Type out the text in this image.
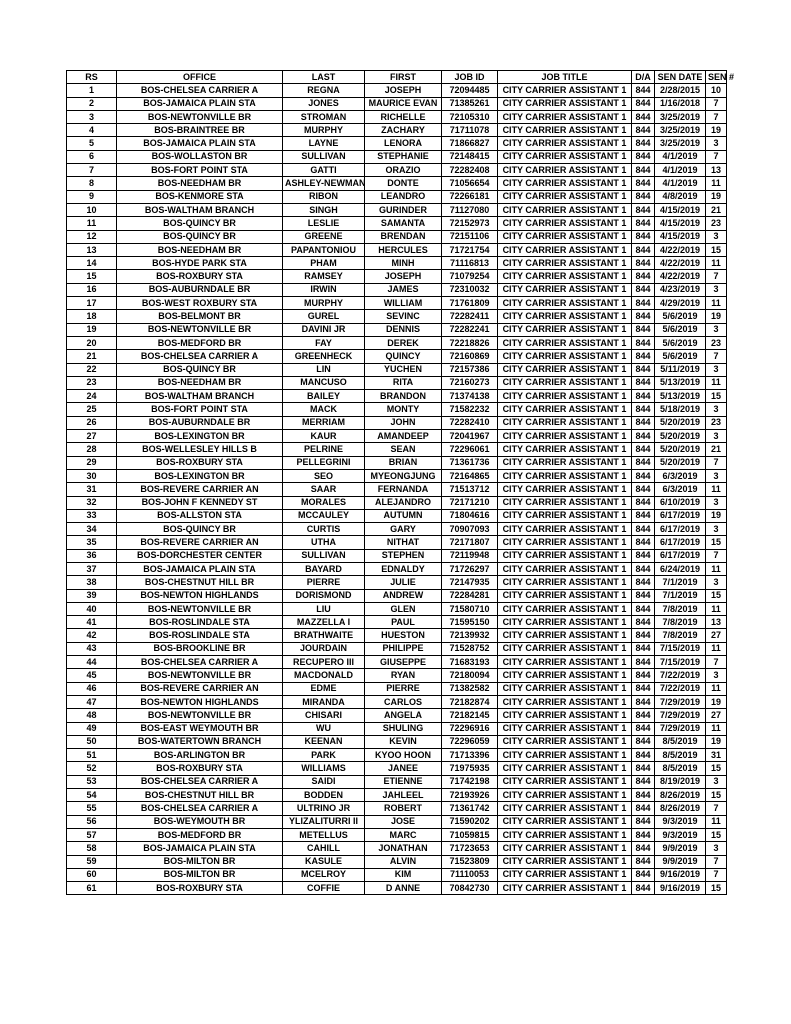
RS	OFFICE	LAST	FIRST	JOB ID	JOB TITLE	D/A	SEN DATE	SEN #
1	BOS-CHELSEA CARRIER A	REGNA	JOSEPH	72094485	CITY CARRIER ASSISTANT 1	844	2/28/2015	10
2	BOS-JAMAICA PLAIN STA	JONES	MAURICE EVAN	71385261	CITY CARRIER ASSISTANT 1	844	1/16/2018	7
3	BOS-NEWTONVILLE BR	STROMAN	RICHELLE	72105310	CITY CARRIER ASSISTANT 1	844	3/25/2019	7
4	BOS-BRAINTREE BR	MURPHY	ZACHARY	71711078	CITY CARRIER ASSISTANT 1	844	3/25/2019	19
5	BOS-JAMAICA PLAIN STA	LAYNE	LENORA	71866827	CITY CARRIER ASSISTANT 1	844	3/25/2019	3
6	BOS-WOLLASTON BR	SULLIVAN	STEPHANIE	72148415	CITY CARRIER ASSISTANT 1	844	4/1/2019	7
7	BOS-FORT POINT STA	GATTI	ORAZIO	72282408	CITY CARRIER ASSISTANT 1	844	4/1/2019	13
8	BOS-NEEDHAM BR	ASHLEY-NEWMAN	DONTE	71056654	CITY CARRIER ASSISTANT 1	844	4/1/2019	11
9	BOS-KENMORE STA	RIBON	LEANDRO	72266181	CITY CARRIER ASSISTANT 1	844	4/8/2019	19
10	BOS-WALTHAM BRANCH	SINGH	GURINDER	71127080	CITY CARRIER ASSISTANT 1	844	4/15/2019	21
11	BOS-QUINCY BR	LESLIE	SAMANTA	72152973	CITY CARRIER ASSISTANT 1	844	4/15/2019	23
12	BOS-QUINCY BR	GREENE	BRENDAN	72151106	CITY CARRIER ASSISTANT 1	844	4/15/2019	3
13	BOS-NEEDHAM BR	PAPANTONIOU	HERCULES	71721754	CITY CARRIER ASSISTANT 1	844	4/22/2019	15
14	BOS-HYDE PARK STA	PHAM	MINH	71116813	CITY CARRIER ASSISTANT 1	844	4/22/2019	11
15	BOS-ROXBURY STA	RAMSEY	JOSEPH	71079254	CITY CARRIER ASSISTANT 1	844	4/22/2019	7
16	BOS-AUBURNDALE BR	IRWIN	JAMES	72310032	CITY CARRIER ASSISTANT 1	844	4/23/2019	3
17	BOS-WEST ROXBURY STA	MURPHY	WILLIAM	71761809	CITY CARRIER ASSISTANT 1	844	4/29/2019	11
18	BOS-BELMONT BR	GUREL	SEVINC	72282411	CITY CARRIER ASSISTANT 1	844	5/6/2019	19
19	BOS-NEWTONVILLE BR	DAVINI JR	DENNIS	72282241	CITY CARRIER ASSISTANT 1	844	5/6/2019	3
20	BOS-MEDFORD BR	FAY	DEREK	72218826	CITY CARRIER ASSISTANT 1	844	5/6/2019	23
21	BOS-CHELSEA CARRIER A	GREENHECK	QUINCY	72160869	CITY CARRIER ASSISTANT 1	844	5/6/2019	7
22	BOS-QUINCY BR	LIN	YUCHEN	72157386	CITY CARRIER ASSISTANT 1	844	5/11/2019	3
23	BOS-NEEDHAM BR	MANCUSO	RITA	72160273	CITY CARRIER ASSISTANT 1	844	5/13/2019	11
24	BOS-WALTHAM BRANCH	BAILEY	BRANDON	71374138	CITY CARRIER ASSISTANT 1	844	5/13/2019	15
25	BOS-FORT POINT STA	MACK	MONTY	71582232	CITY CARRIER ASSISTANT 1	844	5/18/2019	3
26	BOS-AUBURNDALE BR	MERRIAM	JOHN	72282410	CITY CARRIER ASSISTANT 1	844	5/20/2019	23
27	BOS-LEXINGTON BR	KAUR	AMANDEEP	72041967	CITY CARRIER ASSISTANT 1	844	5/20/2019	3
28	BOS-WELLESLEY HILLS B	PELRINE	SEAN	72296061	CITY CARRIER ASSISTANT 1	844	5/20/2019	21
29	BOS-ROXBURY STA	PELLEGRINI	BRIAN	71361736	CITY CARRIER ASSISTANT 1	844	5/20/2019	7
30	BOS-LEXINGTON BR	SEO	MYEONGJUNG	72164865	CITY CARRIER ASSISTANT 1	844	6/3/2019	3
31	BOS-REVERE CARRIER AN	SAAR	FERNANDA	71513712	CITY CARRIER ASSISTANT 1	844	6/3/2019	11
32	BOS-JOHN F KENNEDY ST	MORALES	ALEJANDRO	72171210	CITY CARRIER ASSISTANT 1	844	6/10/2019	3
33	BOS-ALLSTON STA	MCCAULEY	AUTUMN	71804616	CITY CARRIER ASSISTANT 1	844	6/17/2019	19
34	BOS-QUINCY BR	CURTIS	GARY	70907093	CITY CARRIER ASSISTANT 1	844	6/17/2019	3
35	BOS-REVERE CARRIER AN	UTHA	NITHAT	72171807	CITY CARRIER ASSISTANT 1	844	6/17/2019	15
36	BOS-DORCHESTER CENTER	SULLIVAN	STEPHEN	72119948	CITY CARRIER ASSISTANT 1	844	6/17/2019	7
37	BOS-JAMAICA PLAIN STA	BAYARD	EDNALDY	71726297	CITY CARRIER ASSISTANT 1	844	6/24/2019	11
38	BOS-CHESTNUT HILL BR	PIERRE	JULIE	72147935	CITY CARRIER ASSISTANT 1	844	7/1/2019	3
39	BOS-NEWTON HIGHLANDS	DORISMOND	ANDREW	72284281	CITY CARRIER ASSISTANT 1	844	7/1/2019	15
40	BOS-NEWTONVILLE BR	LIU	GLEN	71580710	CITY CARRIER ASSISTANT 1	844	7/8/2019	11
41	BOS-ROSLINDALE STA	MAZZELLA I	PAUL	71595150	CITY CARRIER ASSISTANT 1	844	7/8/2019	13
42	BOS-ROSLINDALE STA	BRATHWAITE	HUESTON	72139932	CITY CARRIER ASSISTANT 1	844	7/8/2019	27
43	BOS-BROOKLINE BR	JOURDAIN	PHILIPPE	71528752	CITY CARRIER ASSISTANT 1	844	7/15/2019	11
44	BOS-CHELSEA CARRIER A	RECUPERO III	GIUSEPPE	71683193	CITY CARRIER ASSISTANT 1	844	7/15/2019	7
45	BOS-NEWTONVILLE BR	MACDONALD	RYAN	72180094	CITY CARRIER ASSISTANT 1	844	7/22/2019	3
46	BOS-REVERE CARRIER AN	EDME	PIERRE	71382582	CITY CARRIER ASSISTANT 1	844	7/22/2019	11
47	BOS-NEWTON HIGHLANDS	MIRANDA	CARLOS	72182874	CITY CARRIER ASSISTANT 1	844	7/29/2019	19
48	BOS-NEWTONVILLE BR	CHISARI	ANGELA	72182145	CITY CARRIER ASSISTANT 1	844	7/29/2019	27
49	BOS-EAST WEYMOUTH BR	WU	SHULING	72296916	CITY CARRIER ASSISTANT 1	844	7/29/2019	11
50	BOS-WATERTOWN BRANCH	KEENAN	KEVIN	72296059	CITY CARRIER ASSISTANT 1	844	8/5/2019	19
51	BOS-ARLINGTON BR	PARK	KYOO HOON	71713396	CITY CARRIER ASSISTANT 1	844	8/5/2019	31
52	BOS-ROXBURY STA	WILLIAMS	JANEE	71975935	CITY CARRIER ASSISTANT 1	844	8/5/2019	15
53	BOS-CHELSEA CARRIER A	SAIDI	ETIENNE	71742198	CITY CARRIER ASSISTANT 1	844	8/19/2019	3
54	BOS-CHESTNUT HILL BR	BODDEN	JAHLEEL	72193926	CITY CARRIER ASSISTANT 1	844	8/26/2019	15
55	BOS-CHELSEA CARRIER A	ULTRINO JR	ROBERT	71361742	CITY CARRIER ASSISTANT 1	844	8/26/2019	7
56	BOS-WEYMOUTH BR	YLIZALITURRI II	JOSE	71590202	CITY CARRIER ASSISTANT 1	844	9/3/2019	11
57	BOS-MEDFORD BR	METELLUS	MARC	71059815	CITY CARRIER ASSISTANT 1	844	9/3/2019	15
58	BOS-JAMAICA PLAIN STA	CAHILL	JONATHAN	71723653	CITY CARRIER ASSISTANT 1	844	9/9/2019	3
59	BOS-MILTON BR	KASULE	ALVIN	71523809	CITY CARRIER ASSISTANT 1	844	9/9/2019	7
60	BOS-MILTON BR	MCELROY	KIM	71110053	CITY CARRIER ASSISTANT 1	844	9/16/2019	7
61	BOS-ROXBURY STA	COFFIE	D ANNE	70842730	CITY CARRIER ASSISTANT 1	844	9/16/2019	15
